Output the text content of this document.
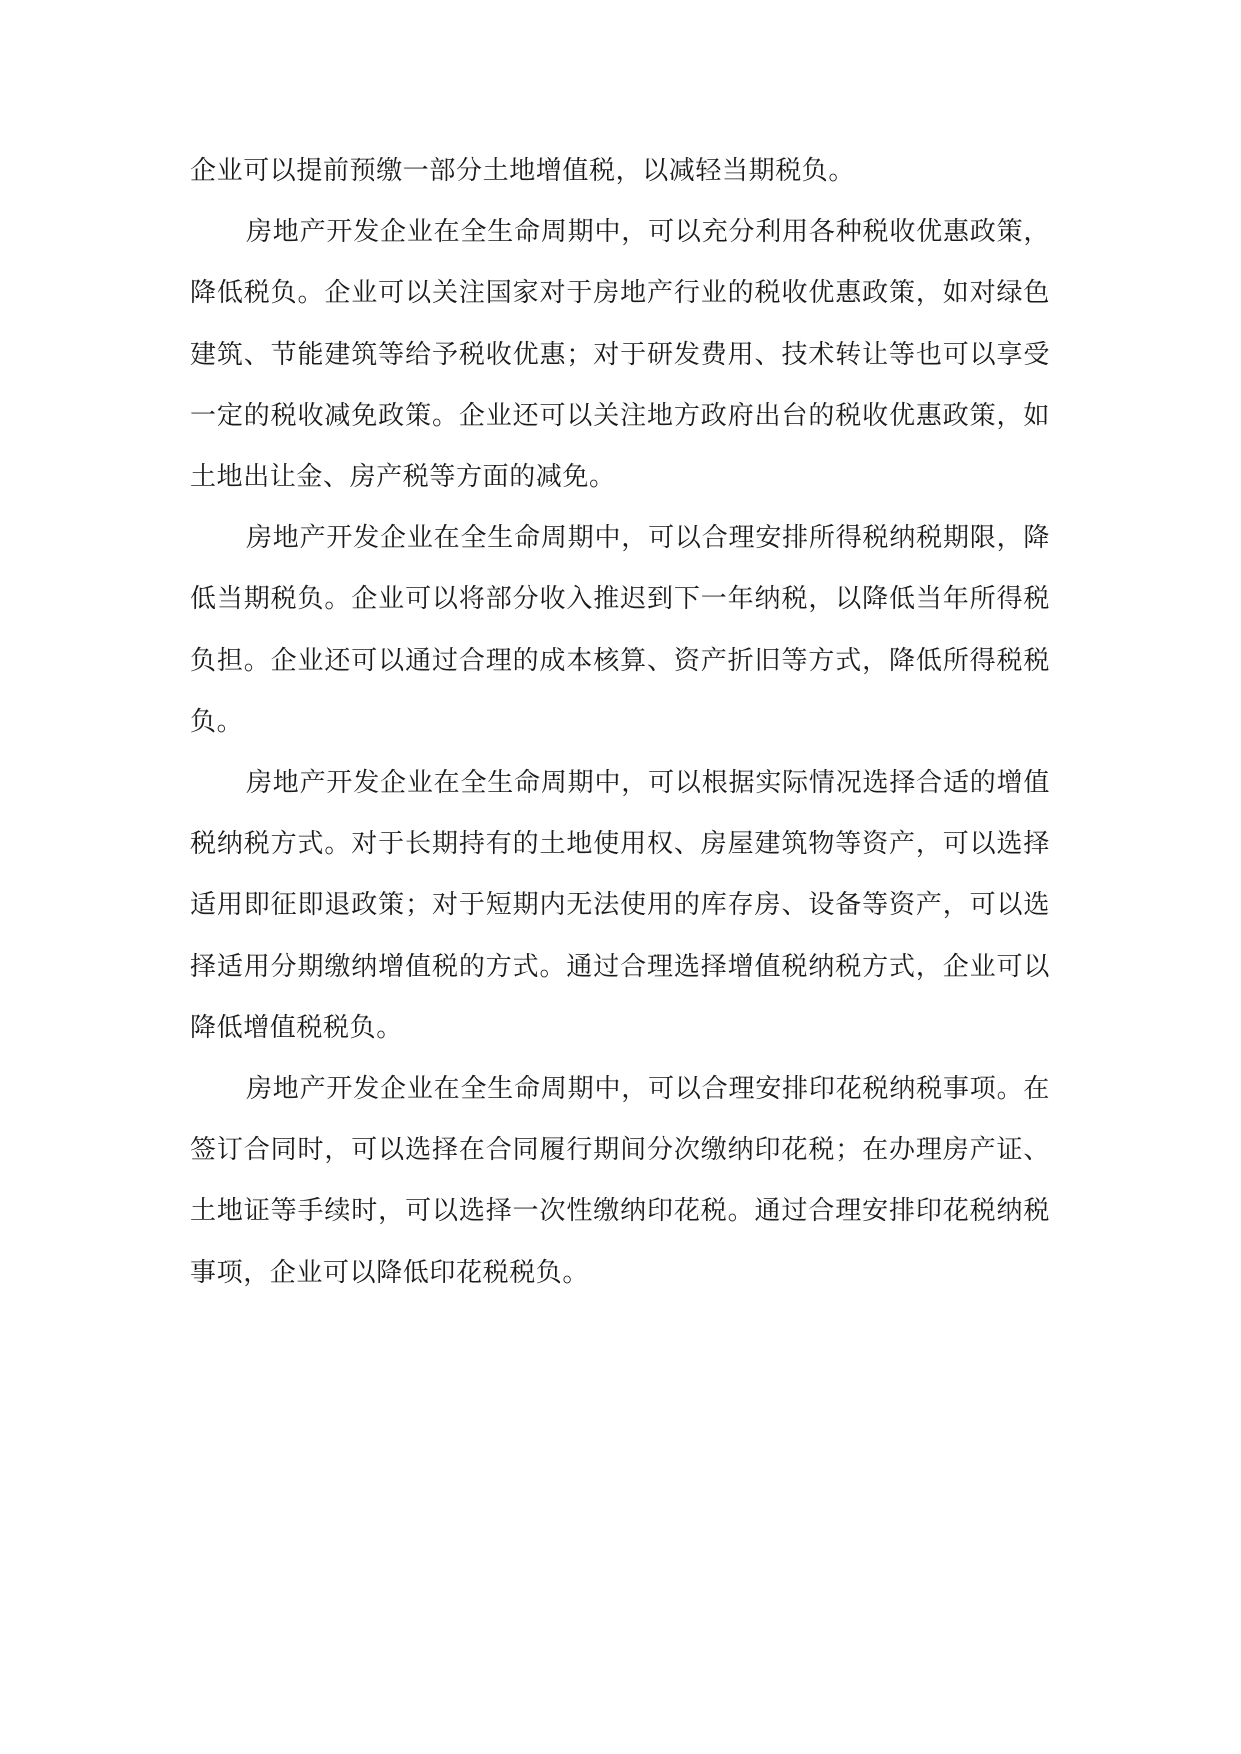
企业可以提前预缴一部分土地增值税，以减轻当期税负。

房地产开发企业在全生命周期中，可以充分利用各种税收优惠政策，降低税负。企业可以关注国家对于房地产行业的税收优惠政策，如对绿色建筑、节能建筑等给予税收优惠；对于研发费用、技术转让等也可以享受一定的税收减免政策。企业还可以关注地方政府出台的税收优惠政策，如土地出让金、房产税等方面的减免。

房地产开发企业在全生命周期中，可以合理安排所得税纳税期限，降低当期税负。企业可以将部分收入推迟到下一年纳税，以降低当年所得税负担。企业还可以通过合理的成本核算、资产折旧等方式，降低所得税税负。

房地产开发企业在全生命周期中，可以根据实际情况选择合适的增值税纳税方式。对于长期持有的土地使用权、房屋建筑物等资产，可以选择适用即征即退政策；对于短期内无法使用的库存房、设备等资产，可以选择适用分期缴纳增值税的方式。通过合理选择增值税纳税方式，企业可以降低增值税税负。

房地产开发企业在全生命周期中，可以合理安排印花税纳税事项。在签订合同时，可以选择在合同履行期间分次缴纳印花税；在办理房产证、土地证等手续时，可以选择一次性缴纳印花税。通过合理安排印花税纳税事项，企业可以降低印花税税负。
